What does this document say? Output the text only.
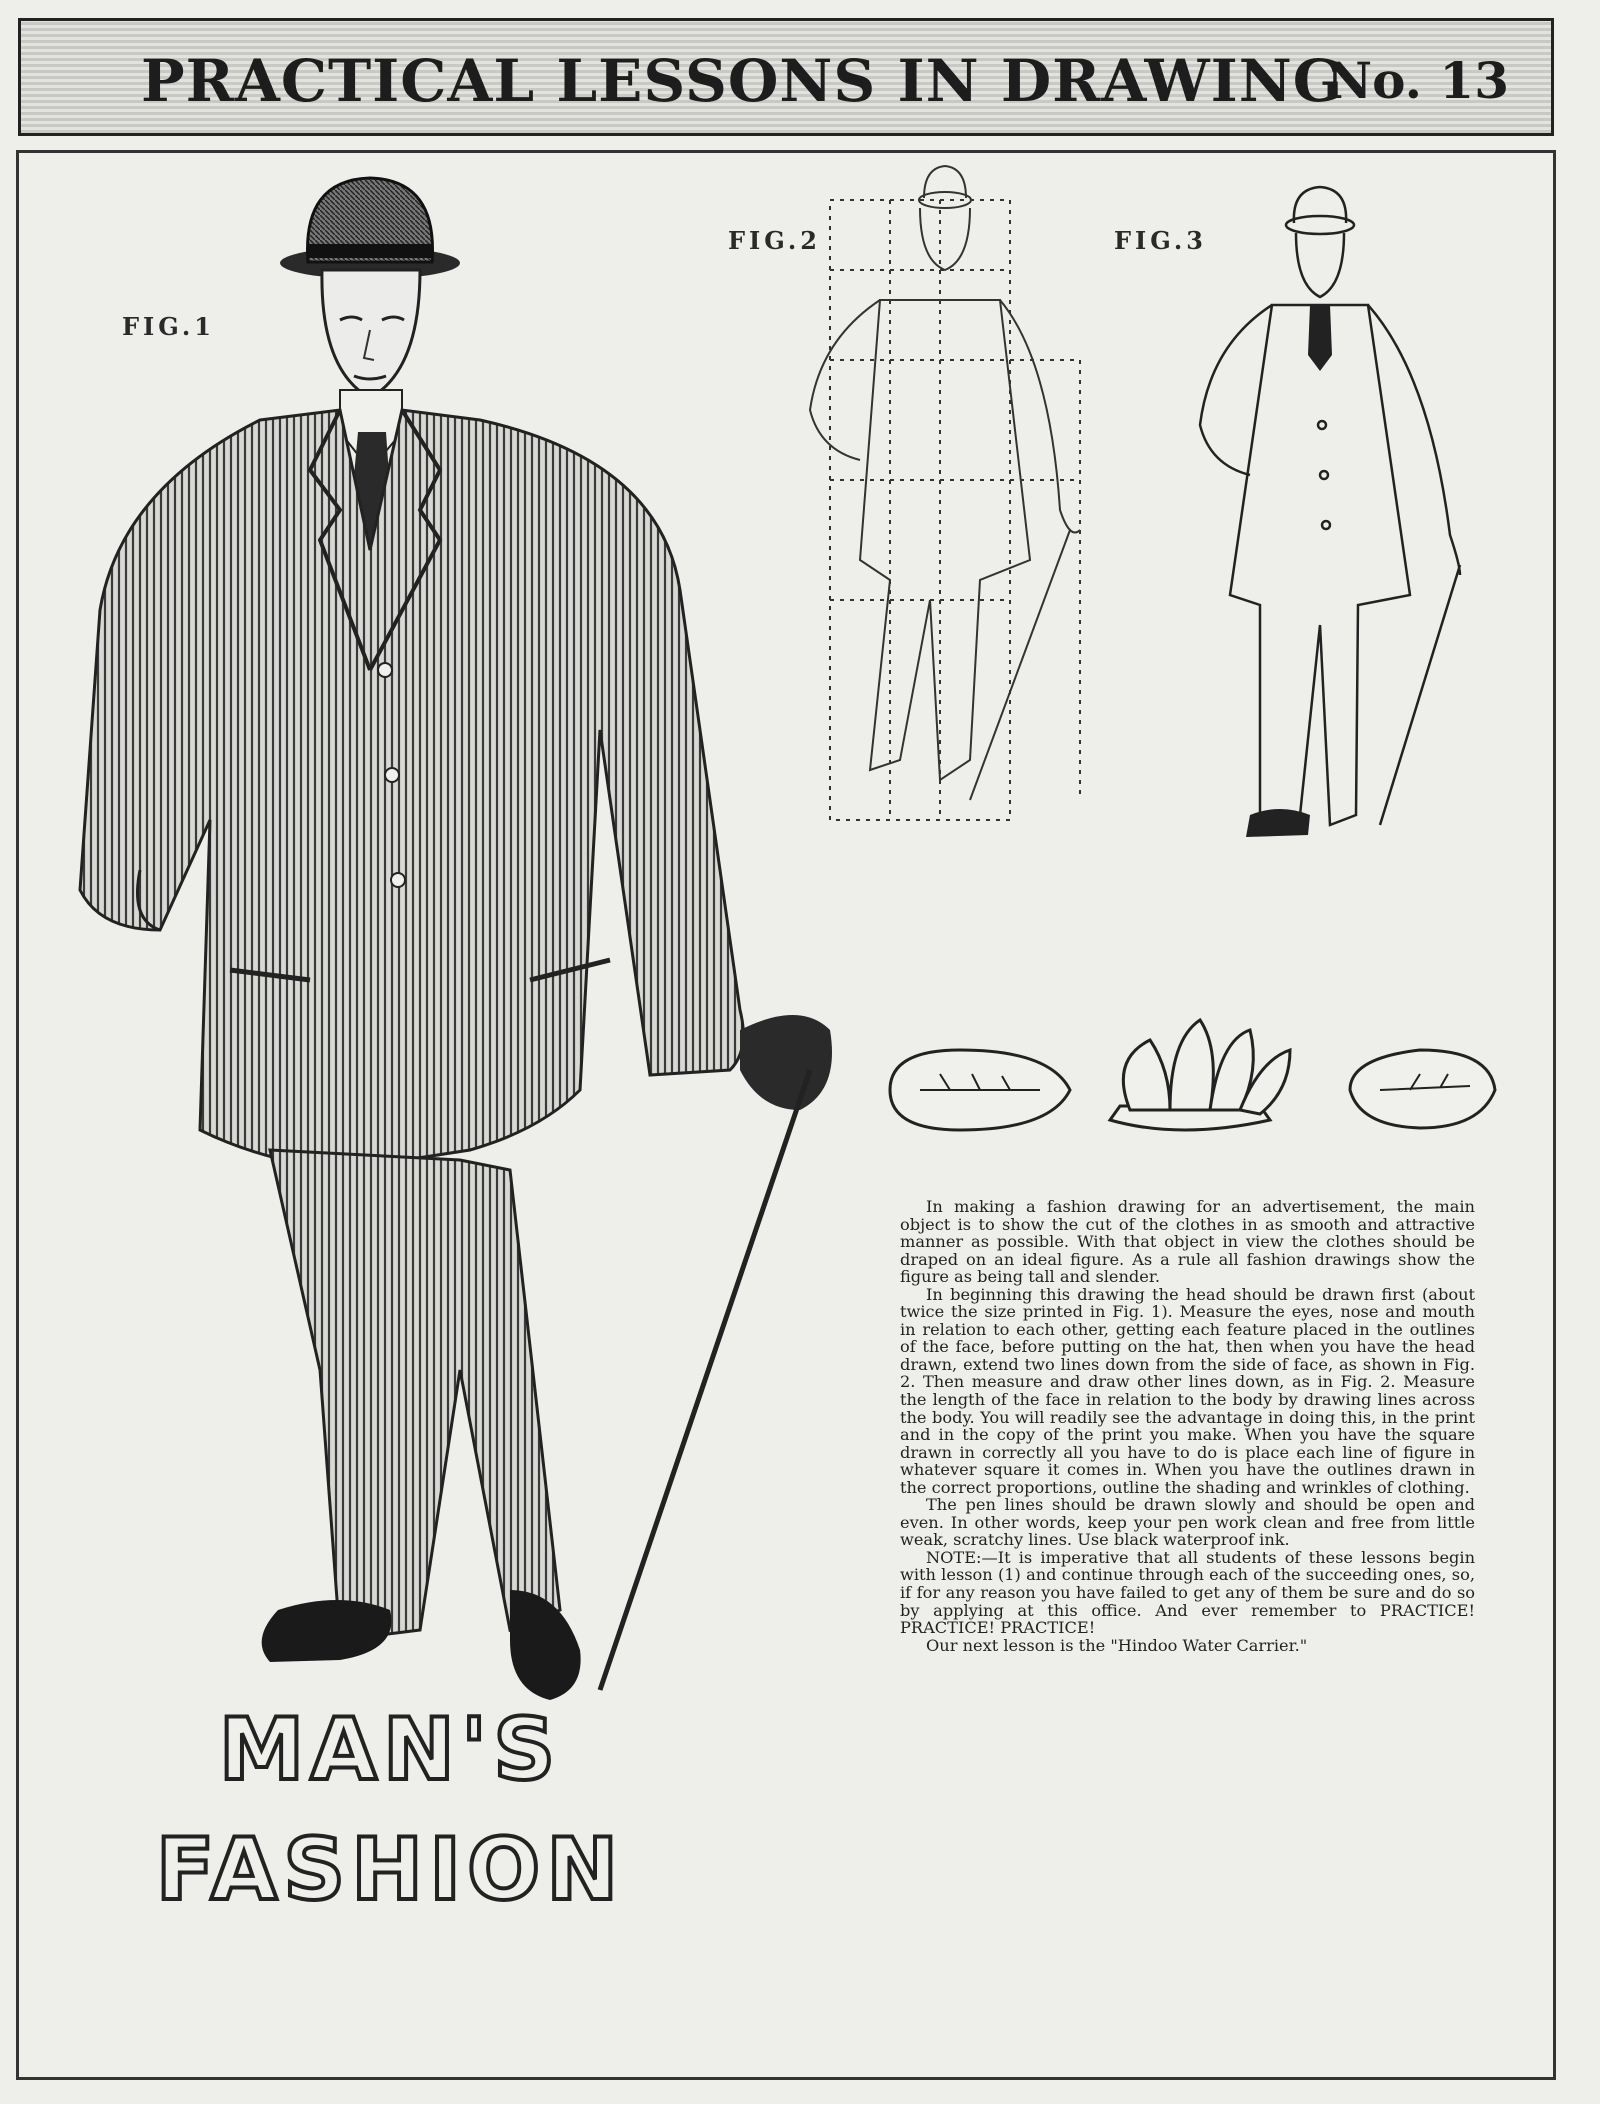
PRACTICAL LESSONS IN DRAWING
No. 13
FIG.1
FIG.2	FIG.3
MAN'S
FASHION

In making a fashion drawing for an advertisement, the main object is to show the cut of the clothes in as smooth and attractive manner as possible. With that object in view the clothes should be draped on an ideal figure. As a rule all fashion drawings show the figure as being tall and slender.

In beginning this drawing the head should be drawn first (about twice the size printed in Fig. 1). Measure the eyes, nose and mouth in relation to each other, getting each feature placed in the outlines of the face, before putting on the hat, then when you have the head drawn, extend two lines down from the side of face, as shown in Fig. 2. Then measure and draw other lines down, as in Fig. 2. Measure the length of the face in relation to the body by drawing lines across the body. You will readily see the advantage in doing this, in the print and in the copy of the print you make. When you have the square drawn in correctly all you have to do is place each line of figure in whatever square it comes in. When you have the outlines drawn in the correct proportions, outline the shading and wrinkles of clothing.

The pen lines should be drawn slowly and should be open and even. In other words, keep your pen work clean and free from little weak, scratchy lines. Use black waterproof ink.

NOTE:—It is imperative that all students of these lessons begin with lesson (1) and continue through each of the succeeding ones, so, if for any reason you have failed to get any of them be sure and do so by applying at this office. And ever remember to PRACTICE! PRACTICE! PRACTICE!

Our next lesson is the "Hindoo Water Carrier."
